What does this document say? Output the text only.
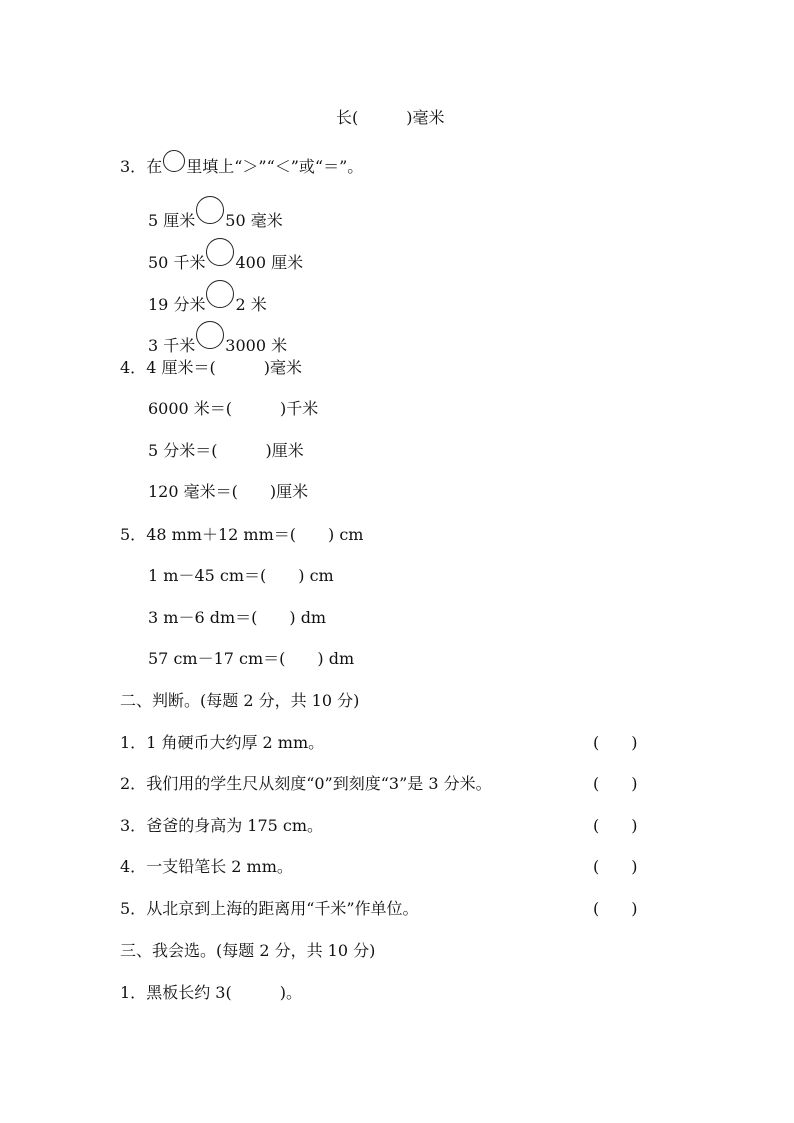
长(　　　)毫米
3．在 里填上“＞”“＜”或“＝”。
5 厘米 50 毫米
50 千米 400 厘米
19 分米 2 米
3 千米 3000 米
4．4 厘米＝(　　　)毫米
6000 米＝(　　　)千米
5 分米＝(　　　)厘米
120 毫米＝(　　)厘米
5．48 mm＋12 mm＝(　　) cm
1 m－45 cm＝(　　) cm
3 m－6 dm＝(　　) dm
57 cm－17 cm＝(　　) dm
二、判断。(每题 2 分，共 10 分)
1．1 角硬币大约厚 2 mm。	(　　)
2．我们用的学生尺从刻度“0”到刻度“3”是 3 分米。	(　　)
3．爸爸的身高为 175 cm。	(　　)
4．一支铅笔长 2 mm。	(　　)
5．从北京到上海的距离用“千米”作单位。	(　　)
三、我会选。(每题 2 分，共 10 分)
1．黑板长约 3(　　　)。
